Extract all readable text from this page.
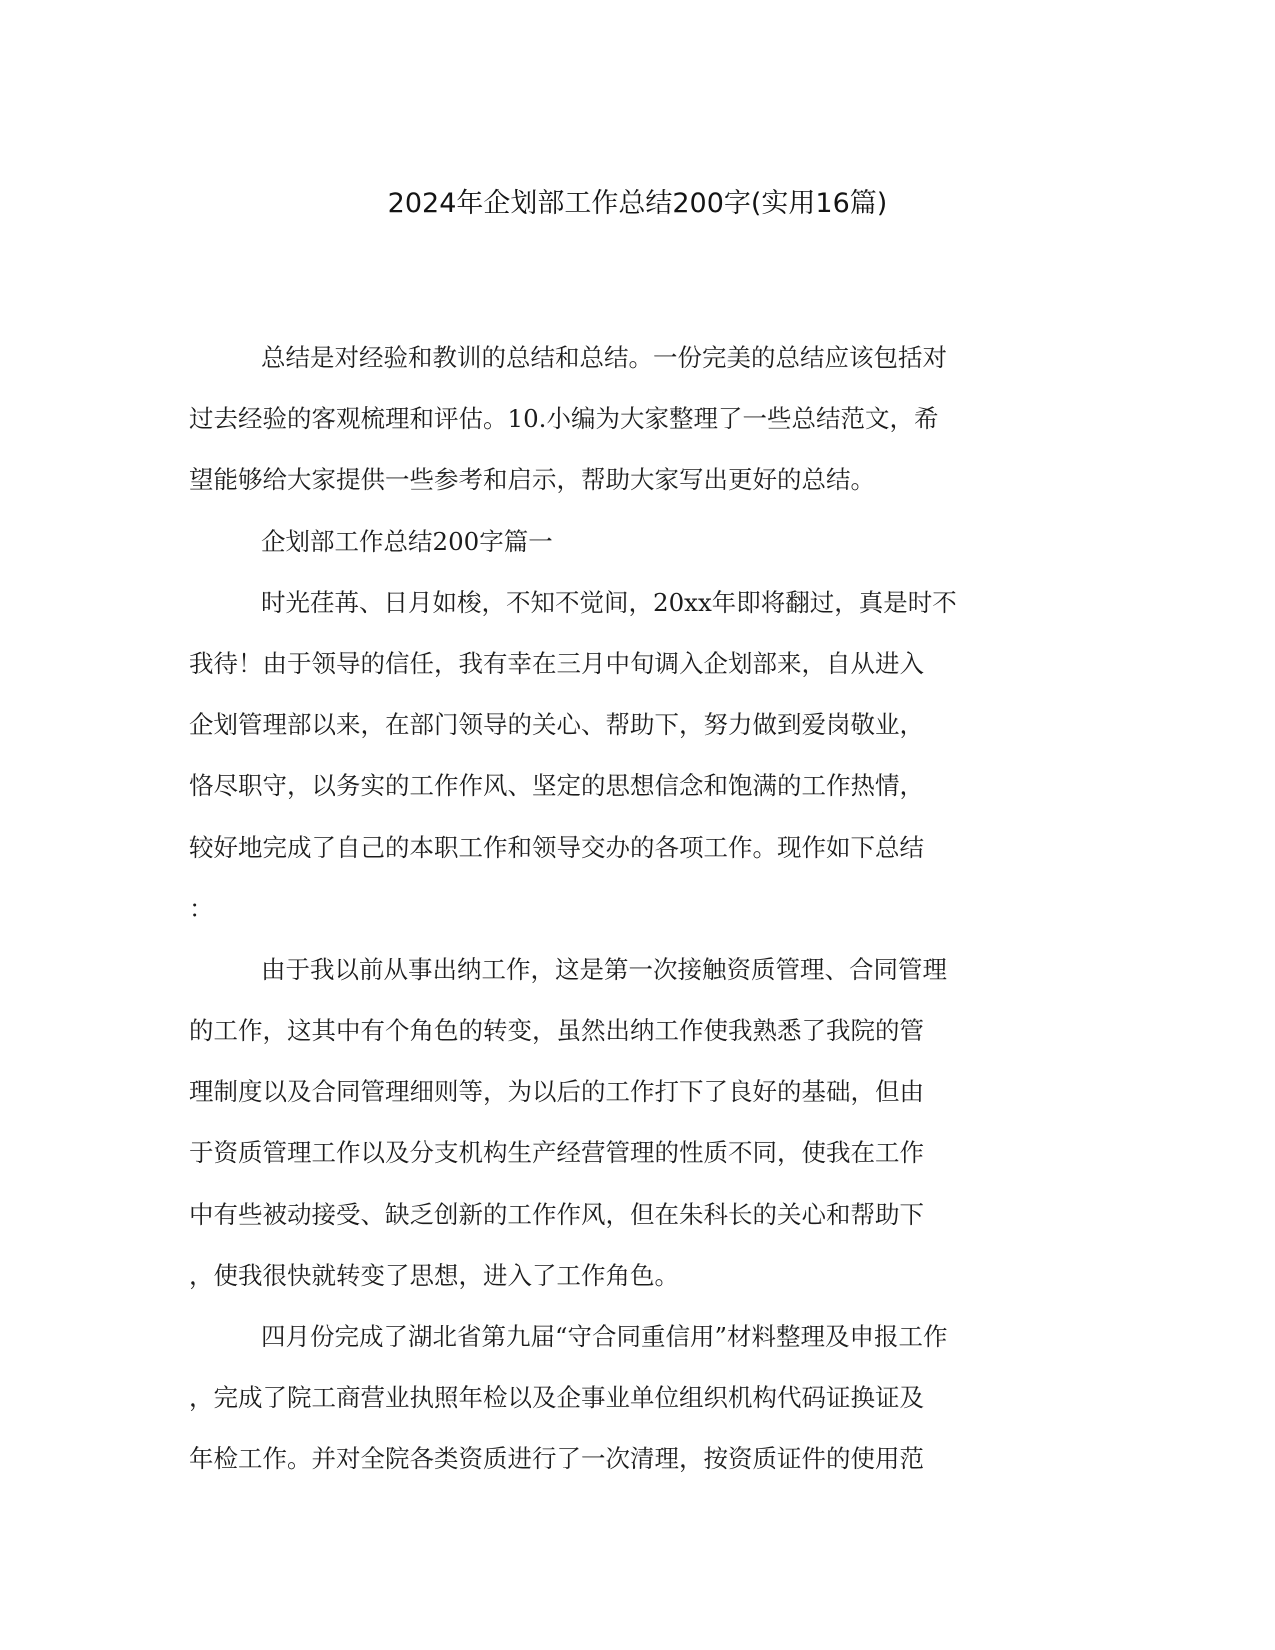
2024年企划部工作总结200字(实用16篇)
总结是对经验和教训的总结和总结。一份完美的总结应该包括对
过去经验的客观梳理和评估。10.小编为大家整理了一些总结范文，希
望能够给大家提供一些参考和启示，帮助大家写出更好的总结。
企划部工作总结200字篇一
时光荏苒、日月如梭，不知不觉间，20xx年即将翻过，真是时不
我待！由于领导的信任，我有幸在三月中旬调入企划部来，自从进入
企划管理部以来，在部门领导的关心、帮助下，努力做到爱岗敬业，
恪尽职守，以务实的工作作风、坚定的思想信念和饱满的工作热情，
较好地完成了自己的本职工作和领导交办的各项工作。现作如下总结
：
由于我以前从事出纳工作，这是第一次接触资质管理、合同管理
的工作，这其中有个角色的转变，虽然出纳工作使我熟悉了我院的管
理制度以及合同管理细则等，为以后的工作打下了良好的基础，但由
于资质管理工作以及分支机构生产经营管理的性质不同，使我在工作
中有些被动接受、缺乏创新的工作作风，但在朱科长的关心和帮助下
，使我很快就转变了思想，进入了工作角色。
四月份完成了湖北省第九届“守合同重信用”材料整理及申报工作
，完成了院工商营业执照年检以及企事业单位组织机构代码证换证及
年检工作。并对全院各类资质进行了一次清理，按资质证件的使用范
